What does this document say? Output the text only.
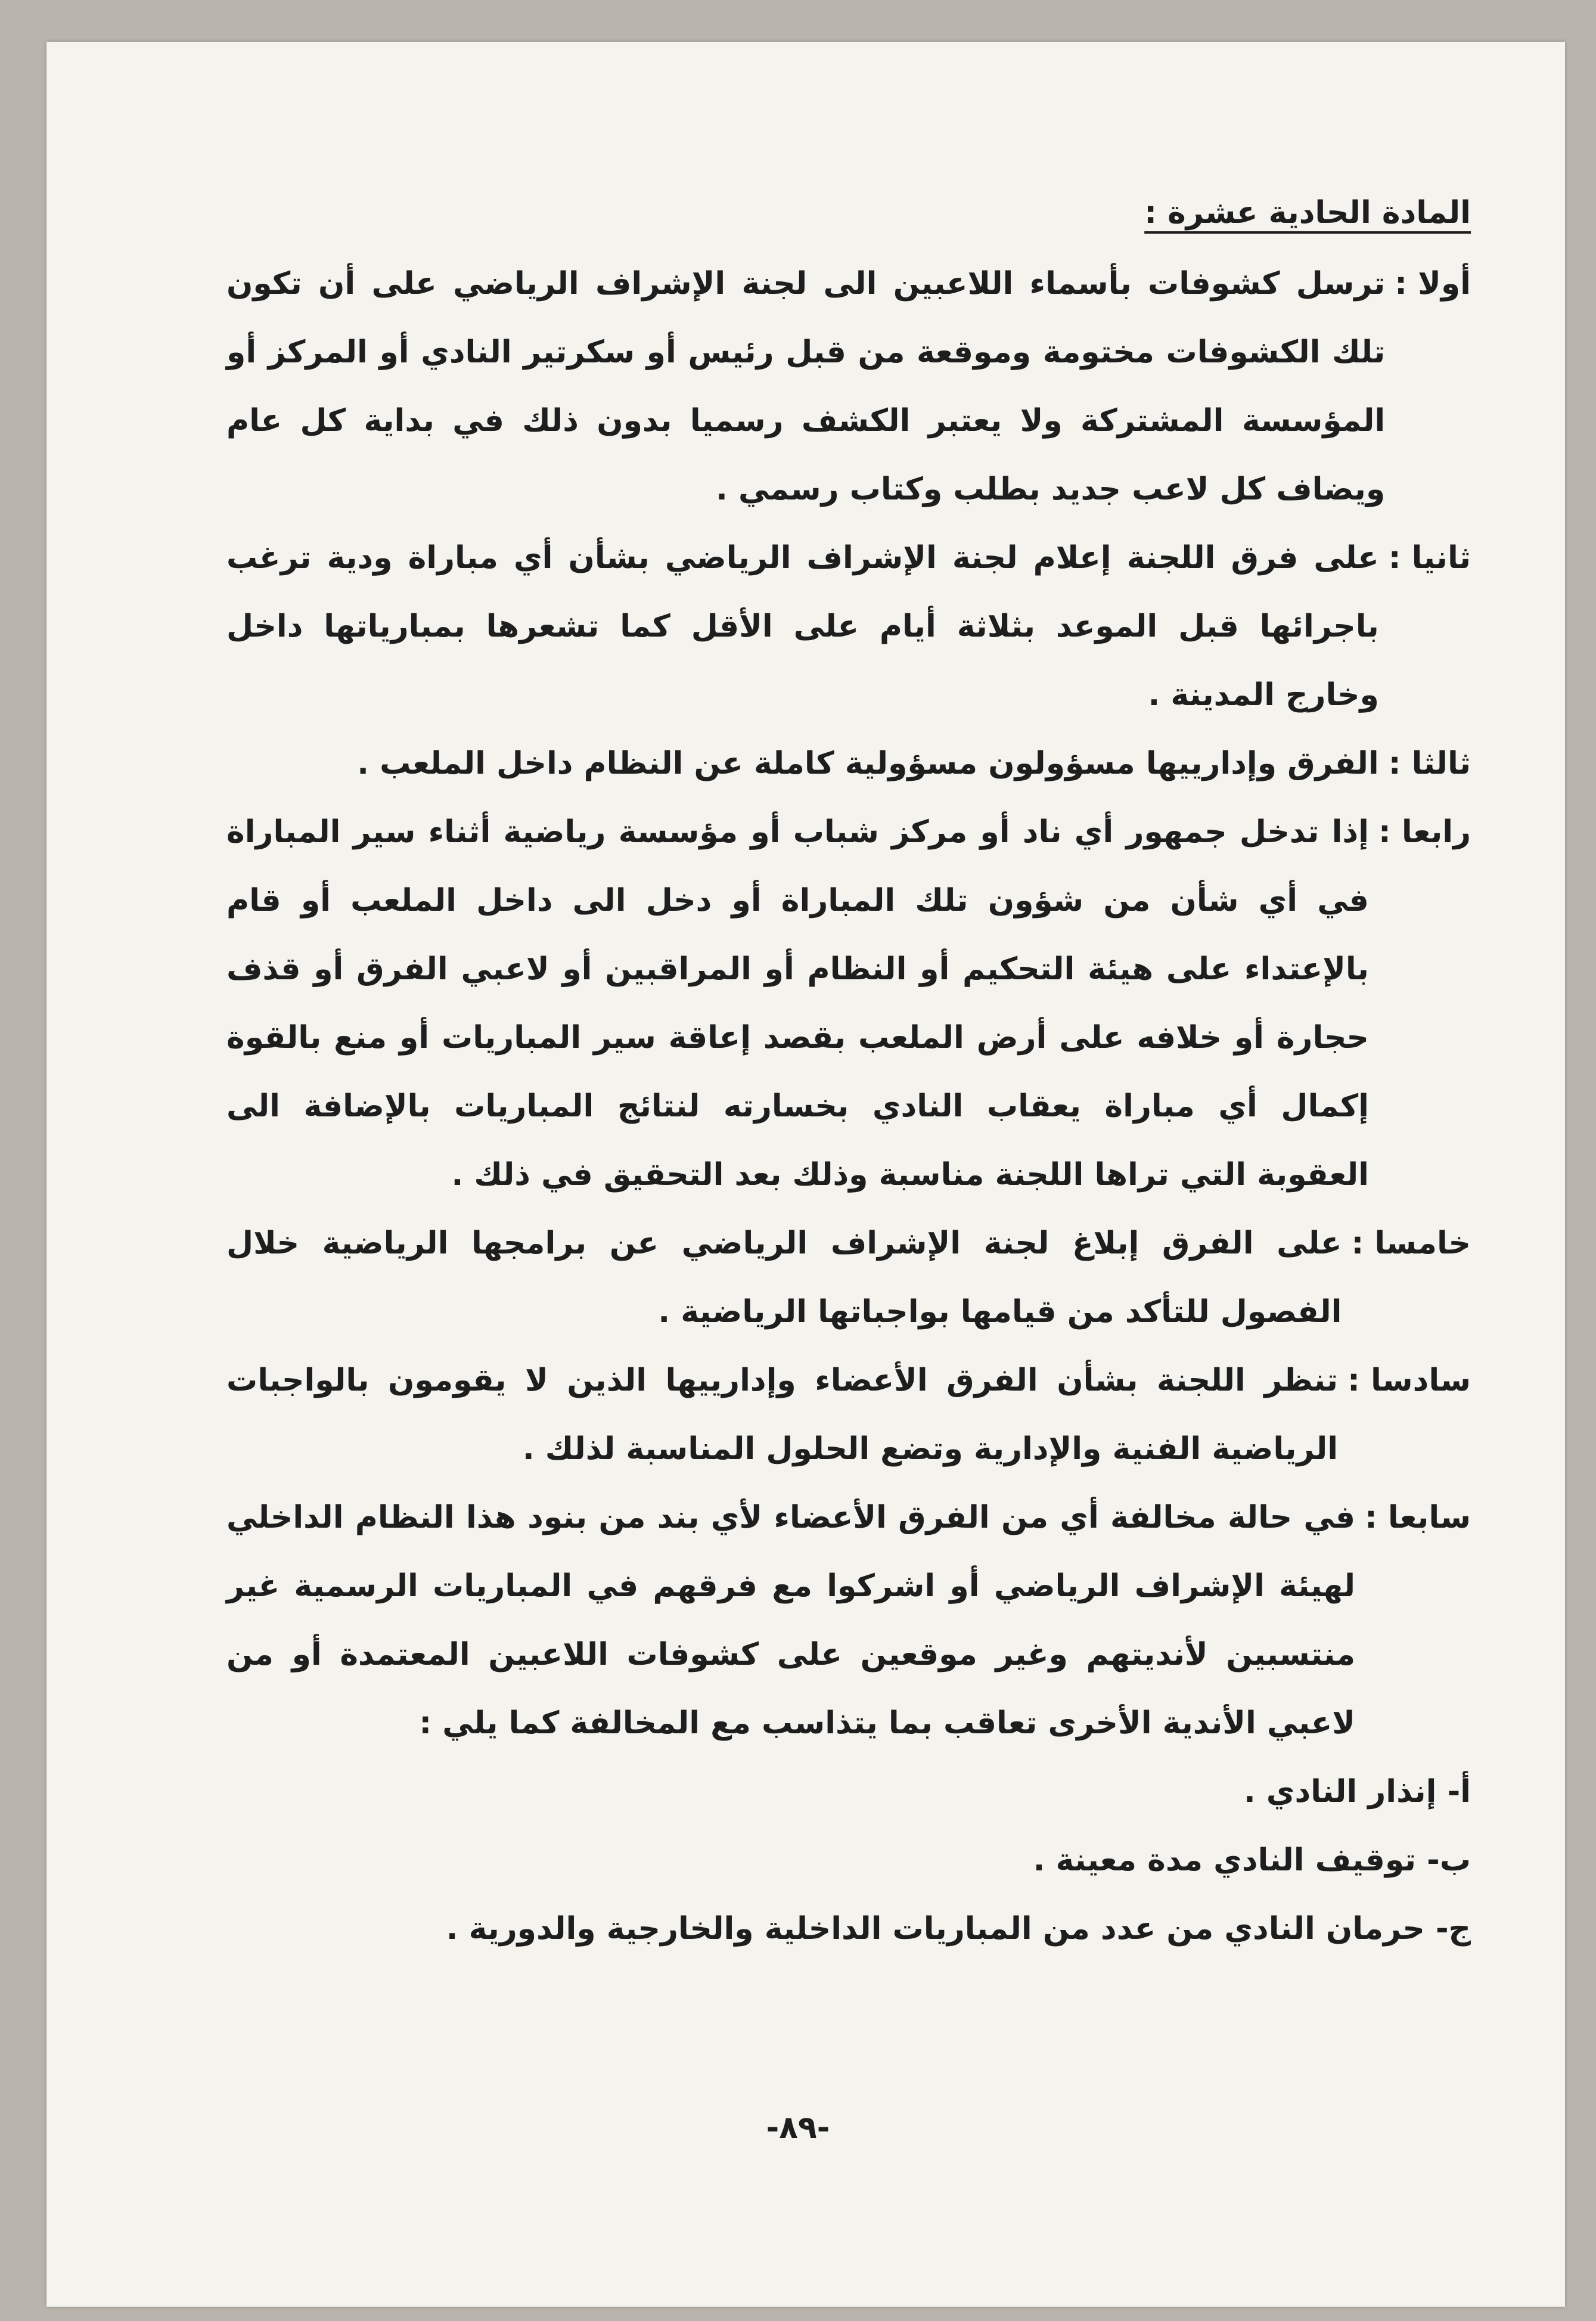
المادة الحادية عشرة :
أولا :
ترسل كشوفات بأسماء اللاعبين الى لجنة الإشراف الرياضي على أن تكون تلك الكشوفات مختومة وموقعة من قبل رئيس أو سكرتير النادي أو المركز أو المؤسسة المشتركة ولا يعتبر الكشف رسميا بدون ذلك في بداية كل عام ويضاف كل لاعب جديد بطلب وكتاب رسمي .
ثانيا :
على فرق اللجنة إعلام لجنة الإشراف الرياضي بشأن أي مباراة ودية ترغب باجرائها قبل الموعد بثلاثة أيام على الأقل كما تشعرها بمبارياتها داخل وخارج المدينة .
ثالثا :
الفرق وإدارييها مسؤولون مسؤولية كاملة عن النظام داخل الملعب .
رابعا :
إذا تدخل جمهور أي ناد أو مركز شباب أو مؤسسة رياضية أثناء سير المباراة في أي شأن من شؤون تلك المباراة أو دخل الى داخل الملعب أو قام بالإعتداء على هيئة التحكيم أو النظام أو المراقبين أو لاعبي الفرق أو قذف حجارة أو خلافه على أرض الملعب بقصد إعاقة سير المباريات أو منع بالقوة إكمال أي مباراة يعقاب النادي بخسارته لنتائج المباريات بالإضافة الى العقوبة التي تراها اللجنة مناسبة وذلك بعد التحقيق في ذلك .
خامسا :
على الفرق إبلاغ لجنة الإشراف الرياضي عن برامجها الرياضية خلال الفصول للتأكد من قيامها بواجباتها الرياضية .
سادسا :
تنظر اللجنة بشأن الفرق الأعضاء وإدارييها الذين لا يقومون بالواجبات الرياضية الفنية والإدارية وتضع الحلول المناسبة لذلك .
سابعا :
في حالة مخالفة أي من الفرق الأعضاء لأي بند من بنود هذا النظام الداخلي لهيئة الإشراف الرياضي أو اشركوا مع فرقهم في المباريات الرسمية غير منتسبين لأنديتهم وغير موقعين على كشوفات اللاعبين المعتمدة أو من لاعبي الأندية الأخرى تعاقب بما يتذاسب مع المخالفة كما يلي :
أ- إنذار النادي .
ب- توقيف النادي مدة معينة .
ج- حرمان النادي من عدد من المباريات الداخلية والخارجية والدورية .
-٨٩-
